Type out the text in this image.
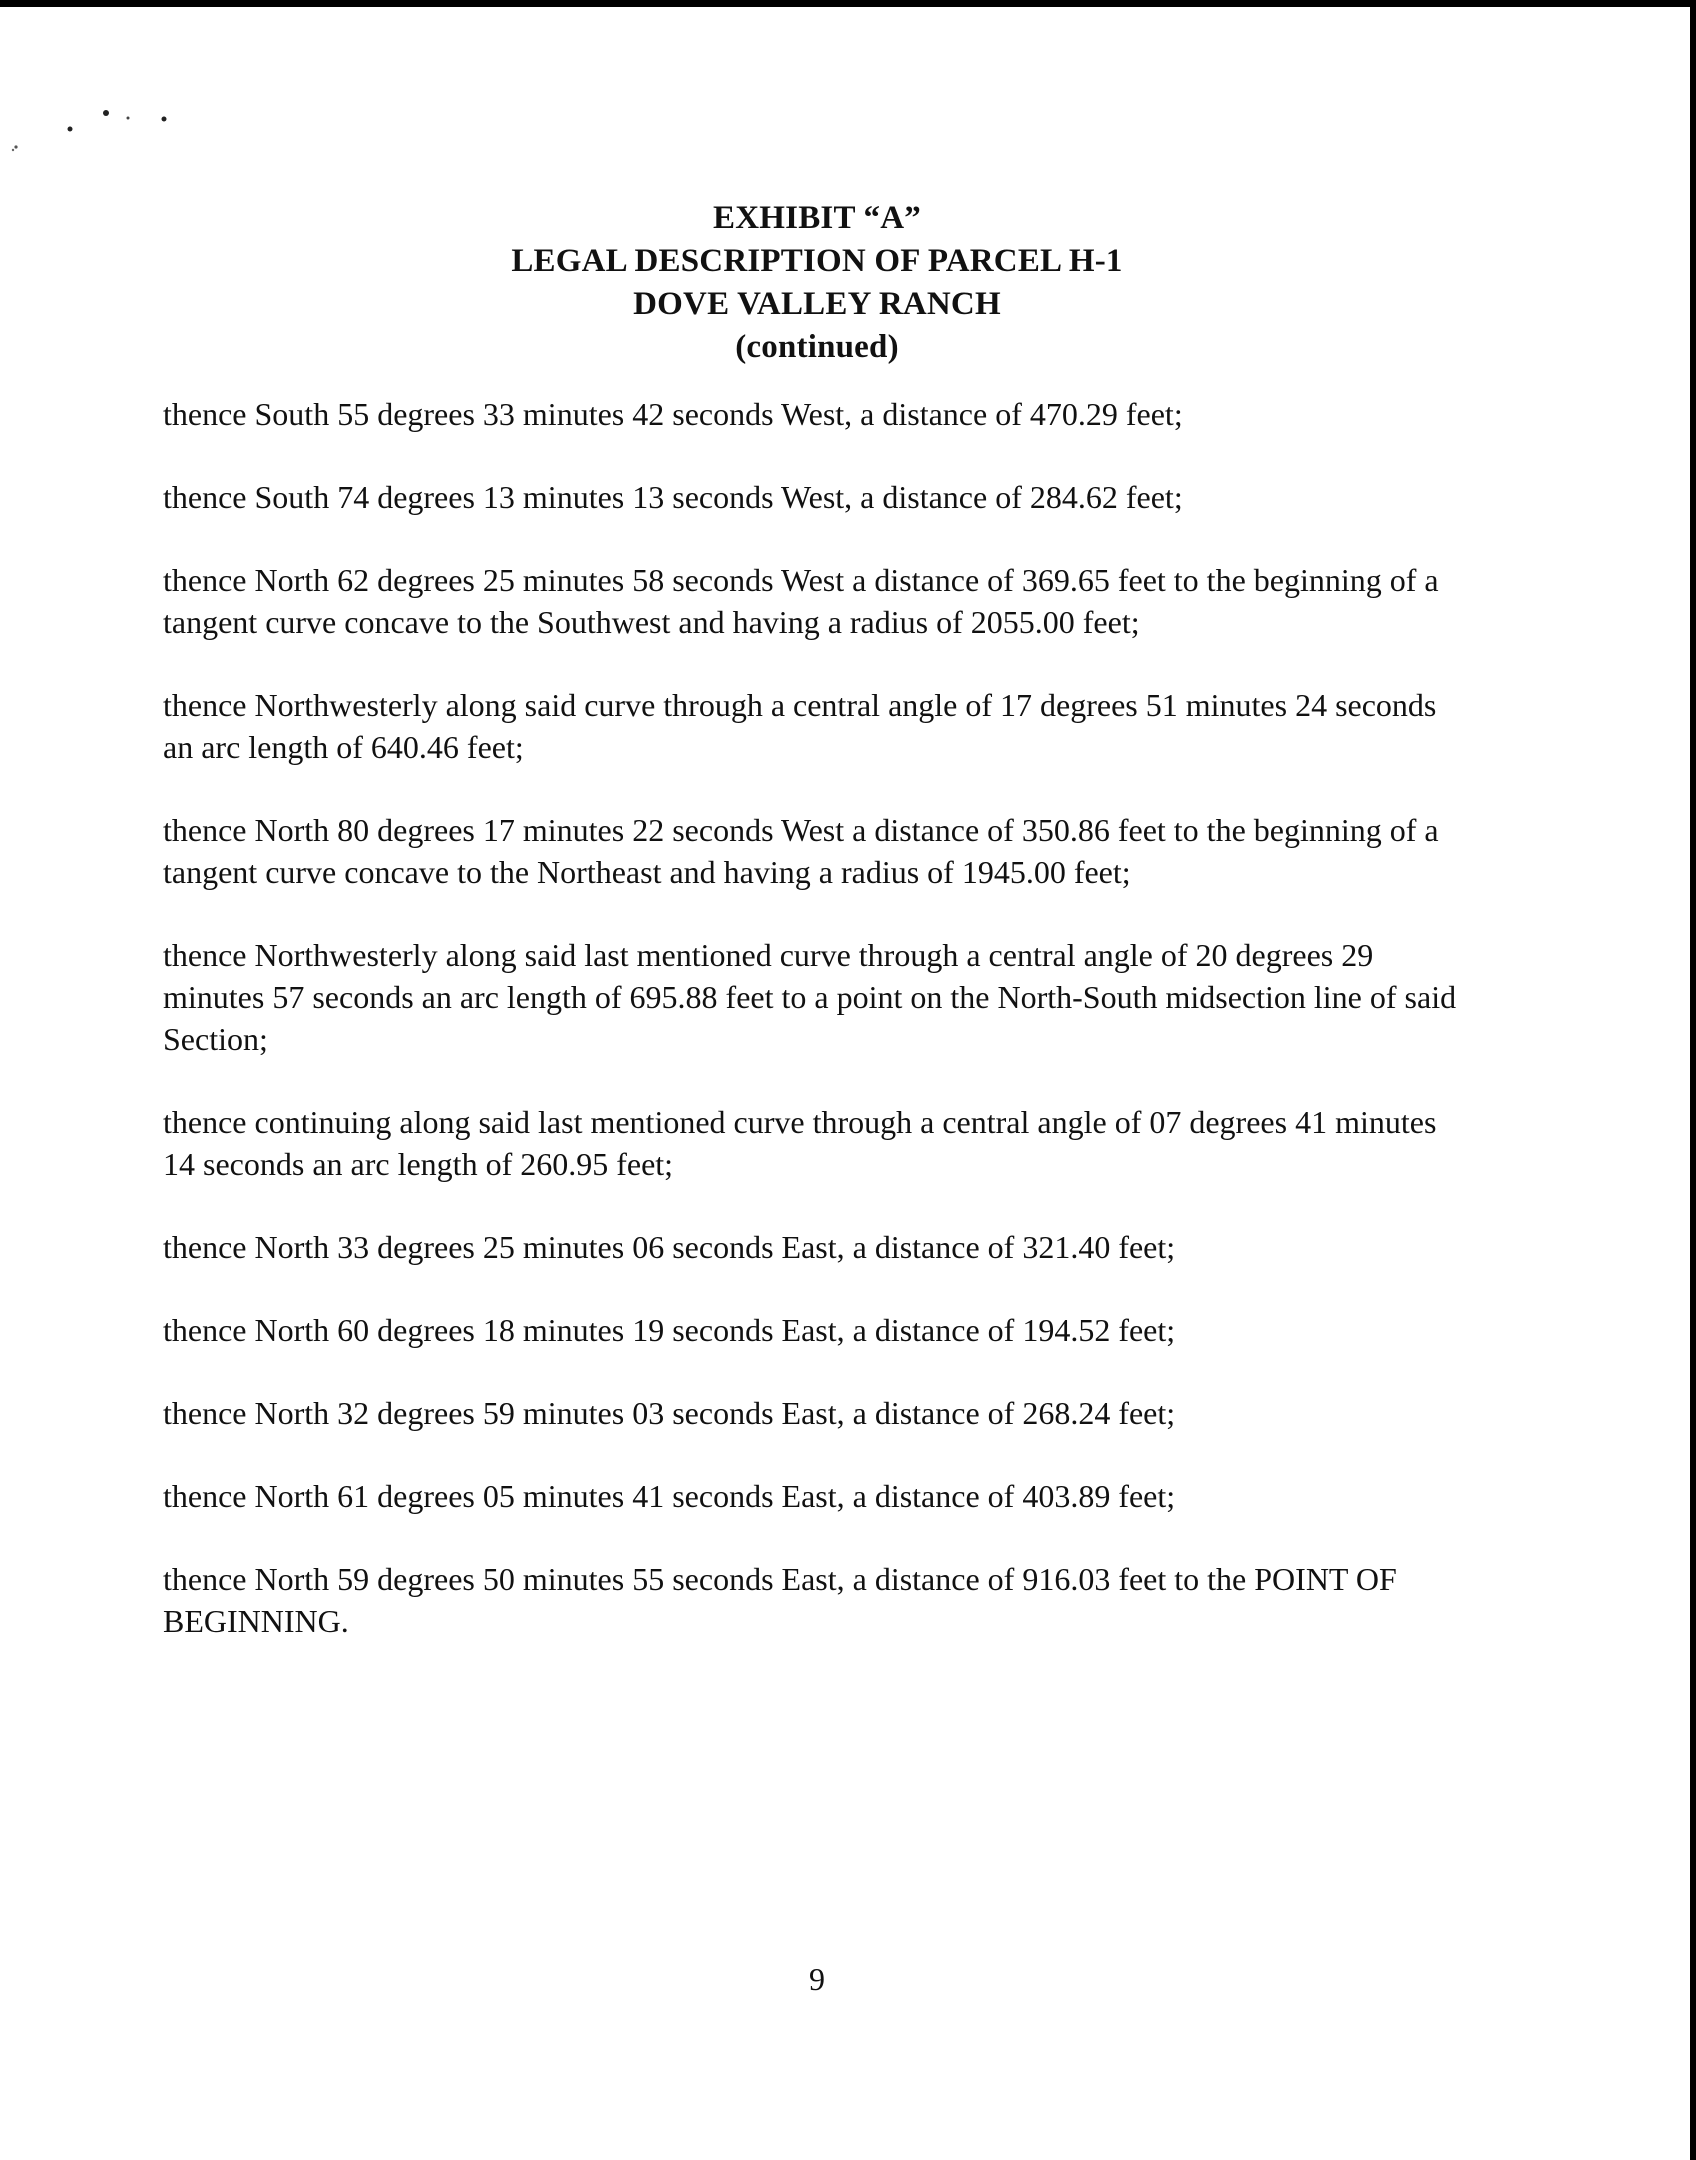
EXHIBIT “A”
LEGAL DESCRIPTION OF PARCEL H-1
DOVE VALLEY RANCH
(continued)

thence South 55 degrees 33 minutes 42 seconds West, a distance of 470.29 feet;

thence South 74 degrees 13 minutes 13 seconds West, a distance of 284.62 feet;

thence North 62 degrees 25 minutes 58 seconds West a distance of 369.65 feet to the beginning of a tangent curve concave to the Southwest and having a radius of 2055.00 feet;

thence Northwesterly along said curve through a central angle of 17 degrees 51 minutes 24 seconds an arc length of 640.46 feet;

thence North 80 degrees 17 minutes 22 seconds West a distance of 350.86 feet to the beginning of a tangent curve concave to the Northeast and having a radius of 1945.00 feet;

thence Northwesterly along said last mentioned curve through a central angle of 20 degrees 29 minutes 57 seconds an arc length of 695.88 feet to a point on the North-South midsection line of said Section;

thence continuing along said last mentioned curve through a central angle of 07 degrees 41 minutes 14 seconds an arc length of 260.95 feet;

thence North 33 degrees 25 minutes 06 seconds East, a distance of 321.40 feet;

thence North 60 degrees 18 minutes 19 seconds East, a distance of 194.52 feet;

thence North 32 degrees 59 minutes 03 seconds East, a distance of 268.24 feet;

thence North 61 degrees 05 minutes 41 seconds East, a distance of 403.89 feet;

thence North 59 degrees 50 minutes 55 seconds East, a distance of 916.03 feet to the POINT OF BEGINNING.

9
